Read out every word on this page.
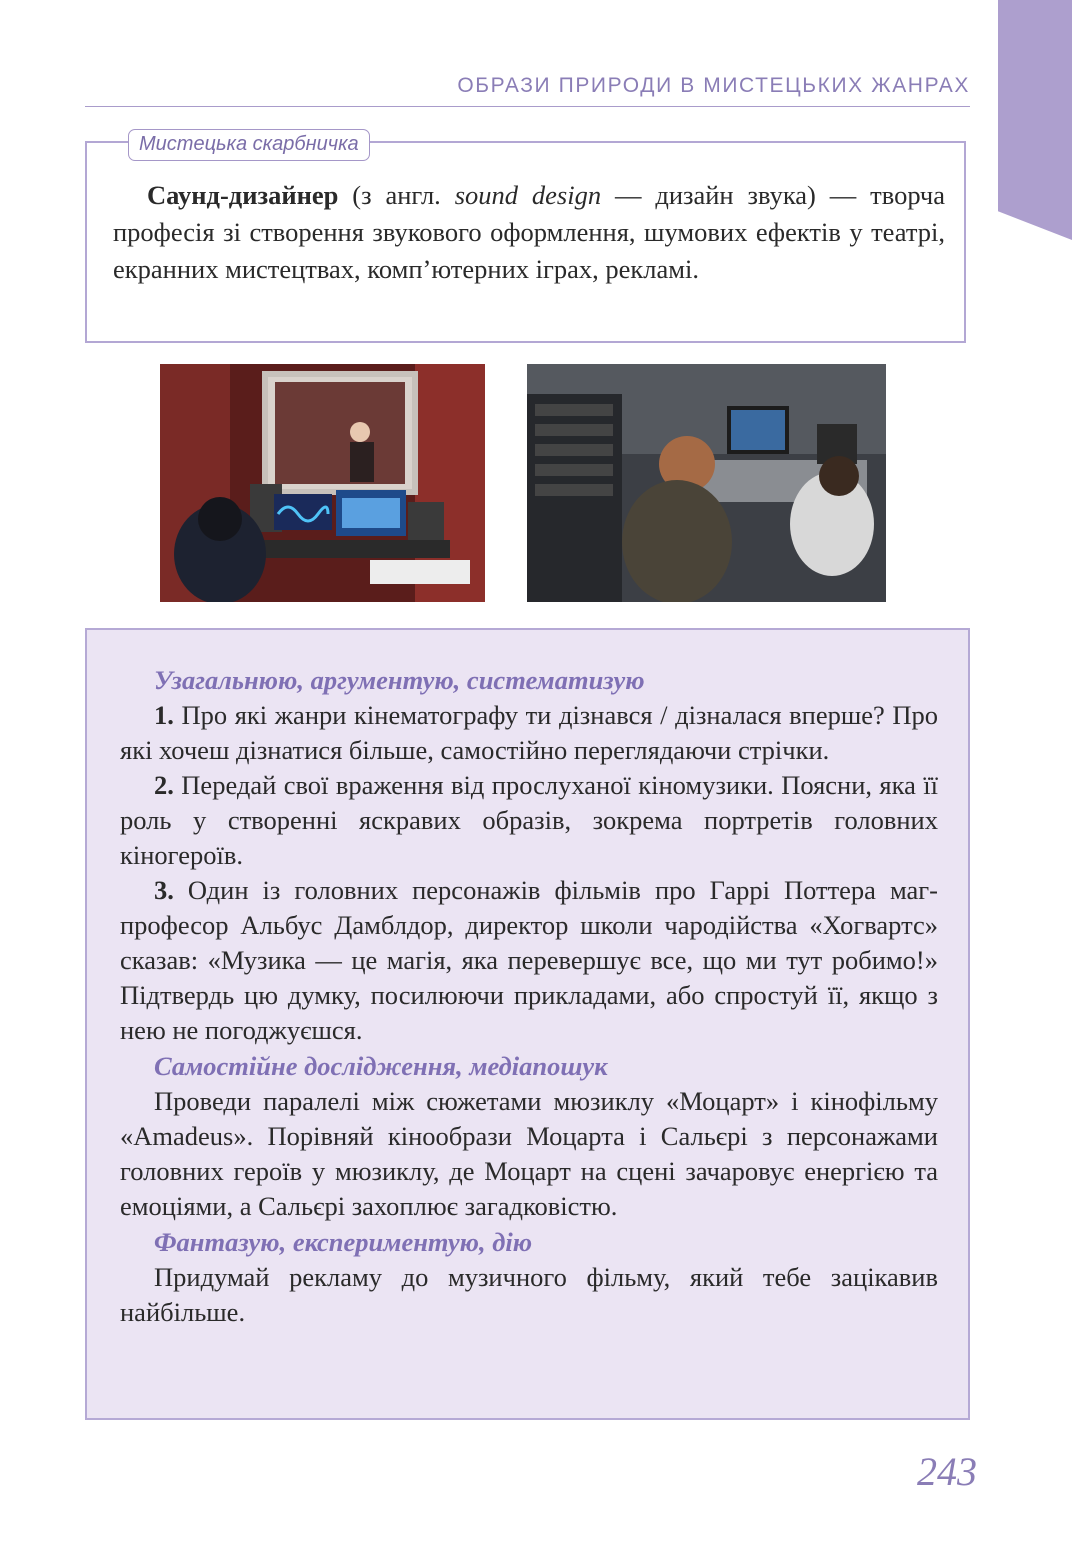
ОБРАЗИ ПРИРОДИ В МИСТЕЦЬКИХ ЖАНРАХ
Мистецька скарбничка

Саунд-дизайнер (з англ. sound design — дизайн звука) — творча професія зі створення звукового оформлення, шумових ефектів у театрі, екранних мистецтвах, комп’ютерних іграх, рекламі.

Узагальнюю, аргументую, систематизую

1. Про які жанри кінематографу ти дізнався / дізналася вперше? Про які хочеш дізнатися більше, самостійно переглядаючи стрічки.

2. Передай свої враження від прослуханої кіномузики. Поясни, яка її роль у створенні яскравих образів, зокрема портретів головних кіногероїв.

3. Один із головних персонажів фільмів про Гаррі Поттера маг-професор Альбус Дамблдор, директор школи чародійства «Хогвартс» сказав: «Музика — це магія, яка перевершує все, що ми тут робимо!» Підтвердь цю думку, посилюючи прикладами, або спростуй її, якщо з нею не погоджуєшся.

Самостійне дослідження, медіапошук

Проведи паралелі між сюжетами мюзиклу «Моцарт» і кінофільму «Amadeus». Порівняй кінообрази Моцарта і Сальєрі з персонажами головних героїв у мюзиклу, де Моцарт на сцені зачаровує енергією та емоціями, а Сальєрі захоплює загадковістю.

Фантазую, експериментую, дію

Придумай рекламу до музичного фільму, який тебе зацікавив найбільше.

243
